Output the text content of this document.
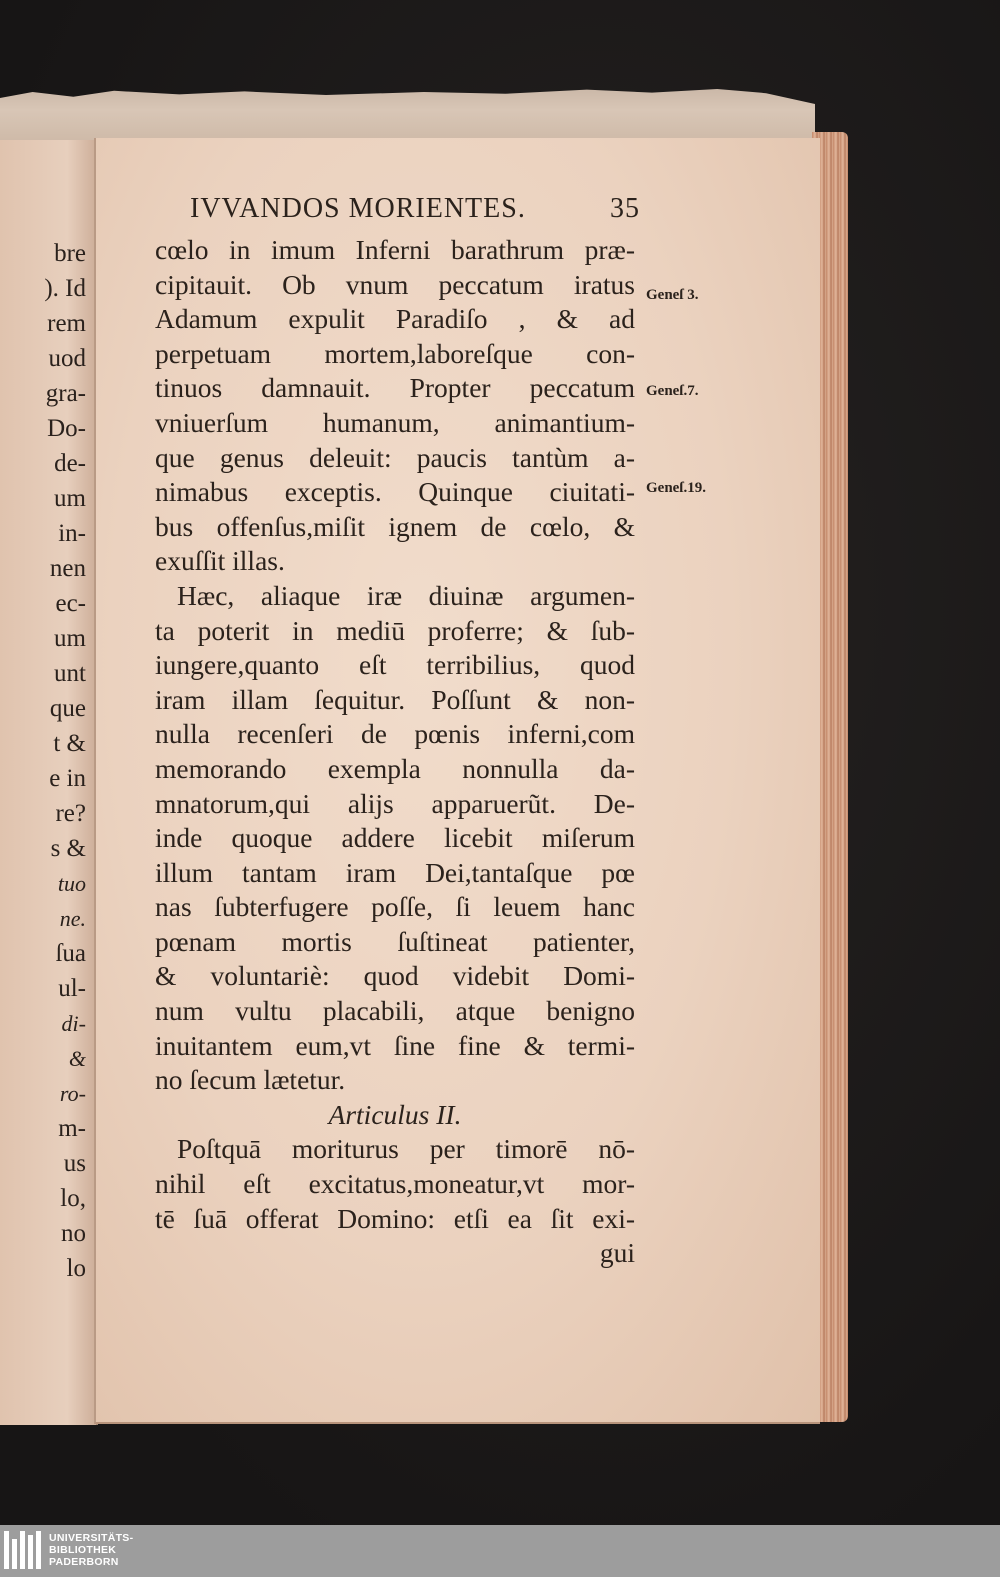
bre
). Id
rem
uod
gra-
Do-
de-
um
in-
nen
ec-
um
unt
que
t &
e in
re?
s &
tuo
ne.
ſua
ul-
di-
&
ro-
m-
us
lo,
no
lo
IVVANDOS MORIENTES.	35
cœlo in imum Inferni barathrum præ-
cipitauit. Ob vnum peccatum iratus
Adamum expulit Paradiſo , & ad
perpetuam mortem,laboreſque con-
tinuos damnauit. Propter peccatum
vniuerſum humanum, animantium-
que genus deleuit: paucis tantùm a-
nimabus exceptis. Quinque ciuitati-
bus offenſus,miſit ignem de cœlo, &
exuſſit illas.
Hæc, aliaque iræ diuinæ argumen-
ta poterit in mediū proferre; & ſub-
iungere,quanto eſt terribilius, quod
iram illam ſequitur. Poſſunt & non-
nulla recenſeri de pœnis inferni,com
memorando exempla nonnulla da-
mnatorum,qui alijs apparuerũt. De-
inde quoque addere licebit miſerum
illum tantam iram Dei,tantaſque pœ
nas ſubterfugere poſſe, ſi leuem hanc
pœnam mortis ſuſtineat patienter,
& voluntariè: quod videbit Domi-
num vultu placabili, atque benigno
inuitantem eum,vt ſine fine & termi-
no ſecum lætetur.
Articulus II.
Poſtquā moriturus per timorē nō-
nihil eſt excitatus,moneatur,vt mor-
tē ſuā offerat Domino: etſi ea ſit exi-
gui
Geneſ 3.
Geneſ.7.
Geneſ.19.
UNIVERSITÄTS-
BIBLIOTHEK
PADERBORN
